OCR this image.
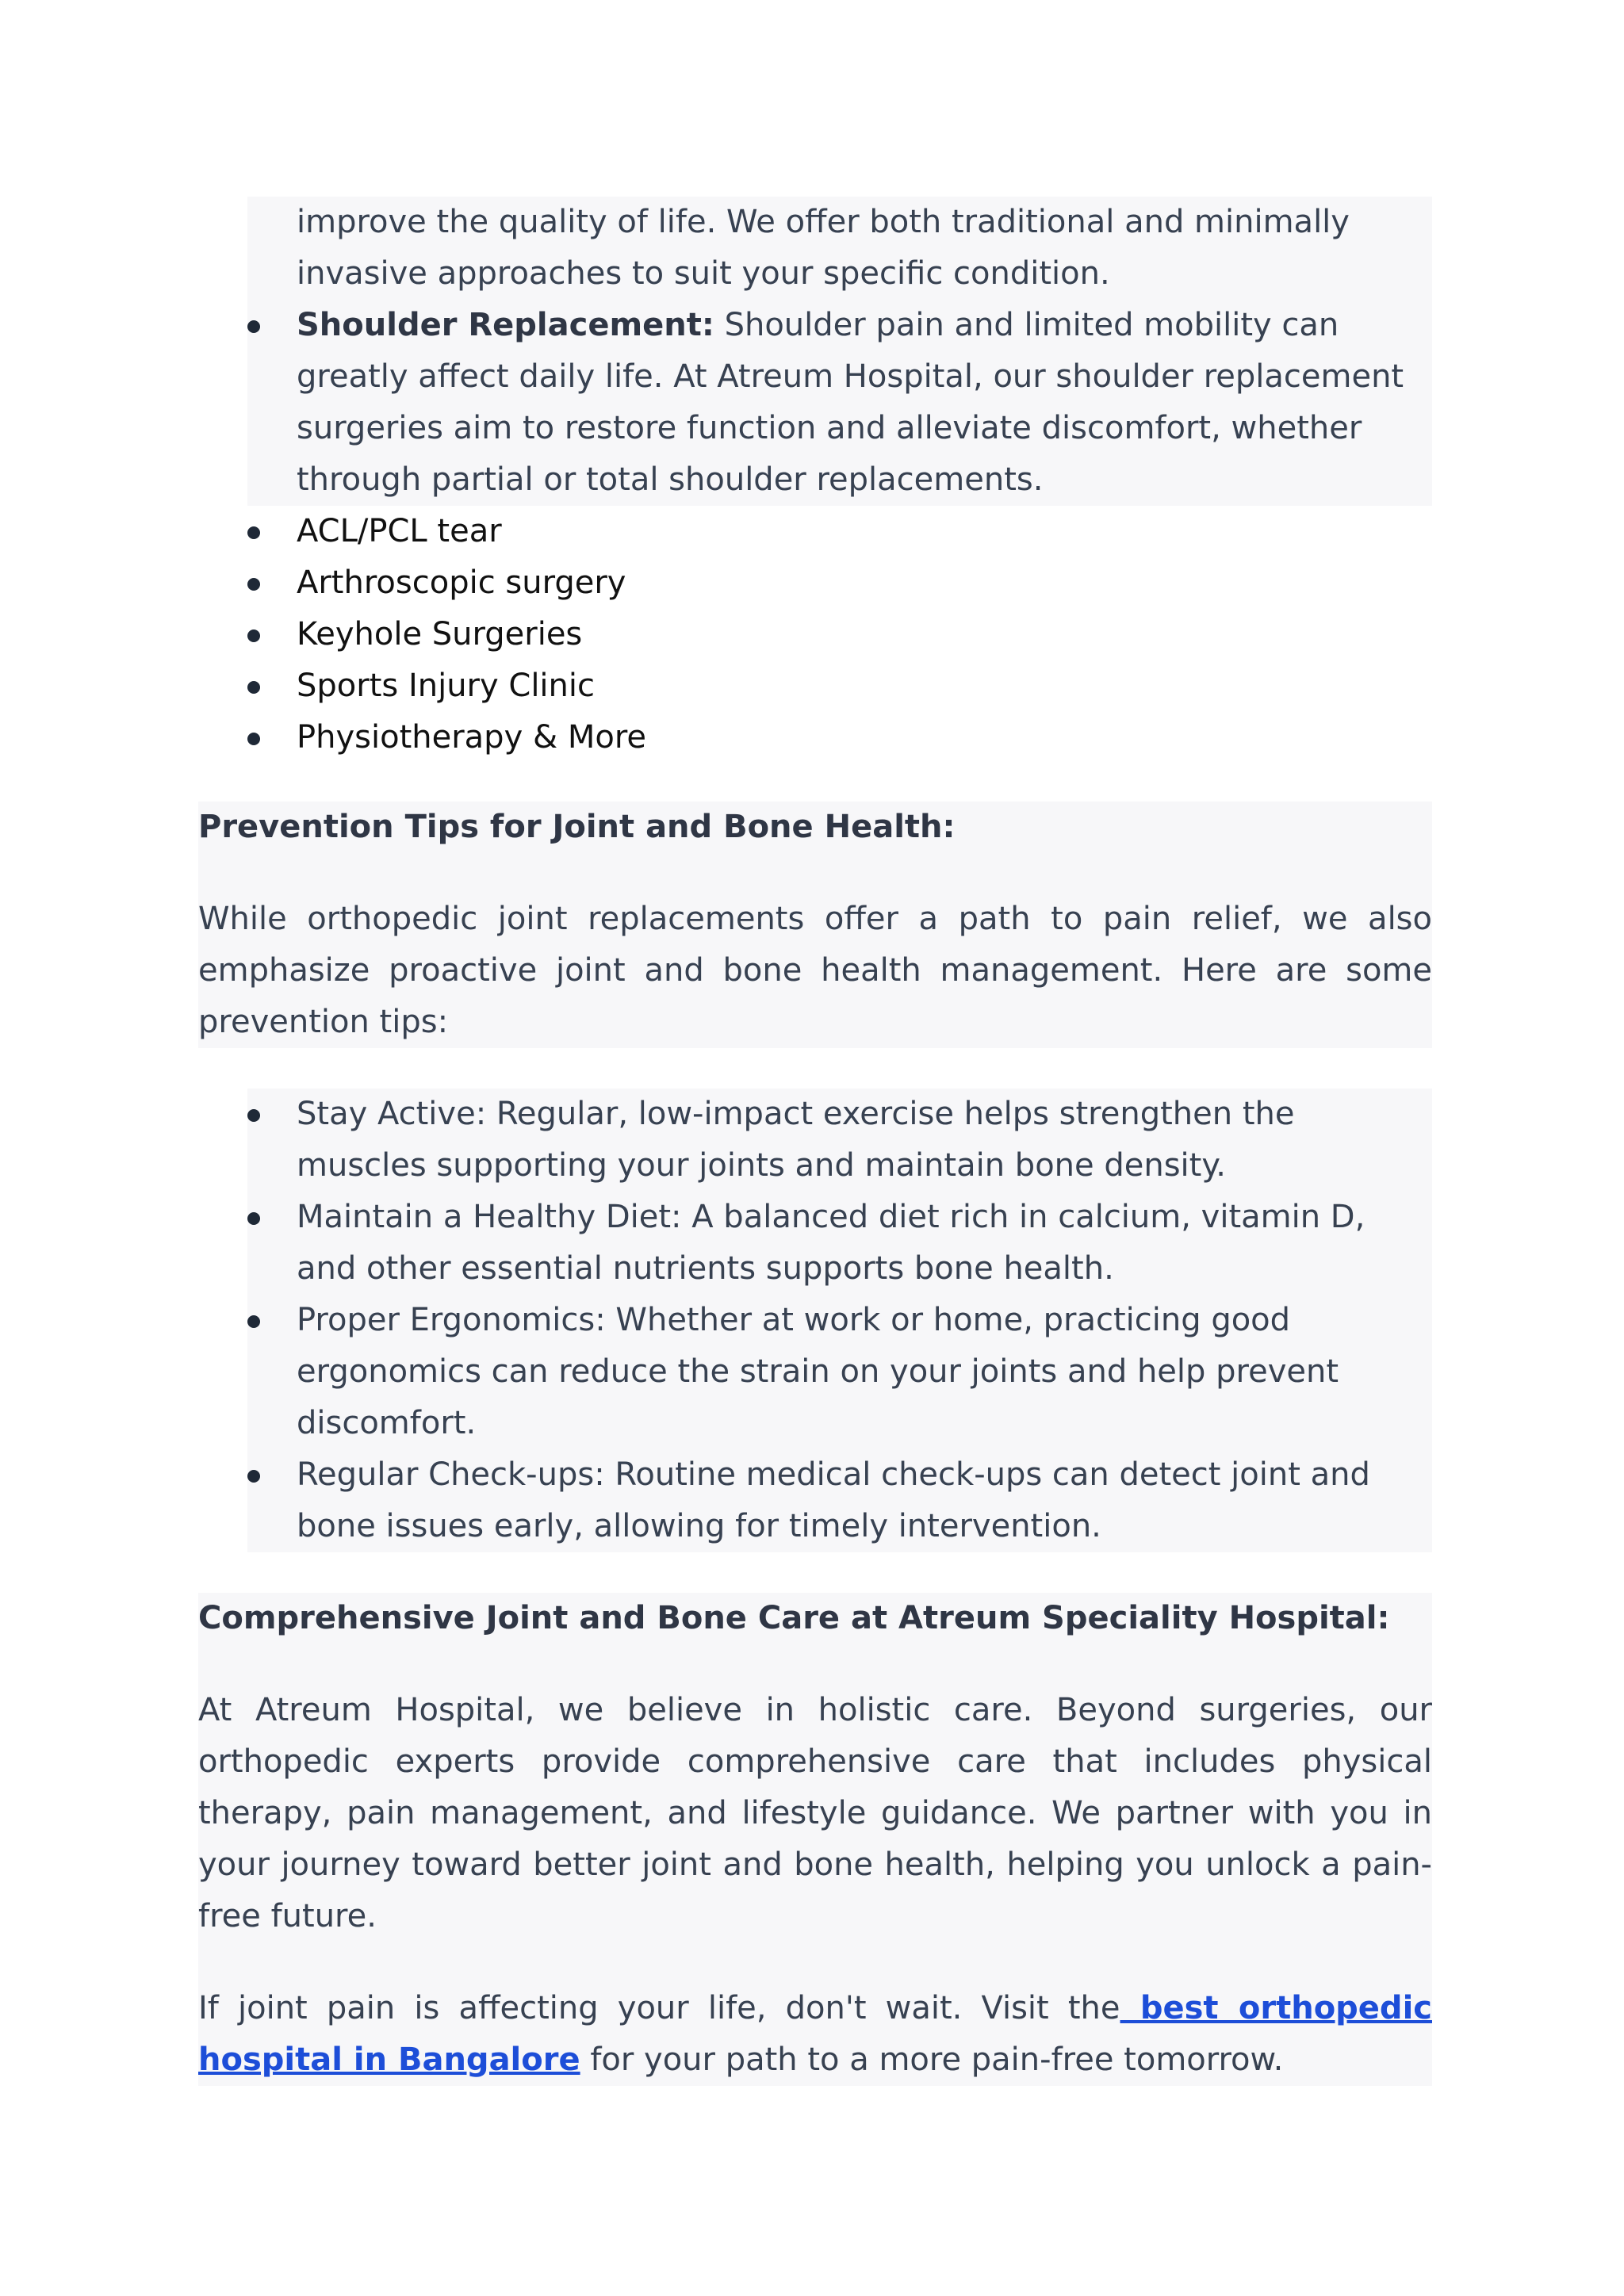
improve the quality of life. We offer both traditional and minimally invasive approaches to suit your specific condition.
Shoulder Replacement: Shoulder pain and limited mobility can greatly affect daily life. At Atreum Hospital, our shoulder replacement surgeries aim to restore function and alleviate discomfort, whether through partial or total shoulder replacements.
ACL/PCL tear
Arthroscopic surgery
Keyhole Surgeries
Sports Injury Clinic
Physiotherapy & More
Prevention Tips for Joint and Bone Health:

While orthopedic joint replacements offer a path to pain relief, we also emphasize proactive joint and bone health management. Here are some prevention tips:

Stay Active: Regular, low-impact exercise helps strengthen the muscles supporting your joints and maintain bone density.
Maintain a Healthy Diet: A balanced diet rich in calcium, vitamin D, and other essential nutrients supports bone health.
Proper Ergonomics: Whether at work or home, practicing good ergonomics can reduce the strain on your joints and help prevent discomfort.
Regular Check-ups: Routine medical check-ups can detect joint and bone issues early, allowing for timely intervention.
Comprehensive Joint and Bone Care at Atreum Speciality Hospital:

At Atreum Hospital, we believe in holistic care. Beyond surgeries, our orthopedic experts provide comprehensive care that includes physical therapy, pain management, and lifestyle guidance. We partner with you in your journey toward better joint and bone health, helping you unlock a pain-free future.

If joint pain is affecting your life, don't wait. Visit the best orthopedic hospital in Bangalore for your path to a more pain-free tomorrow.
